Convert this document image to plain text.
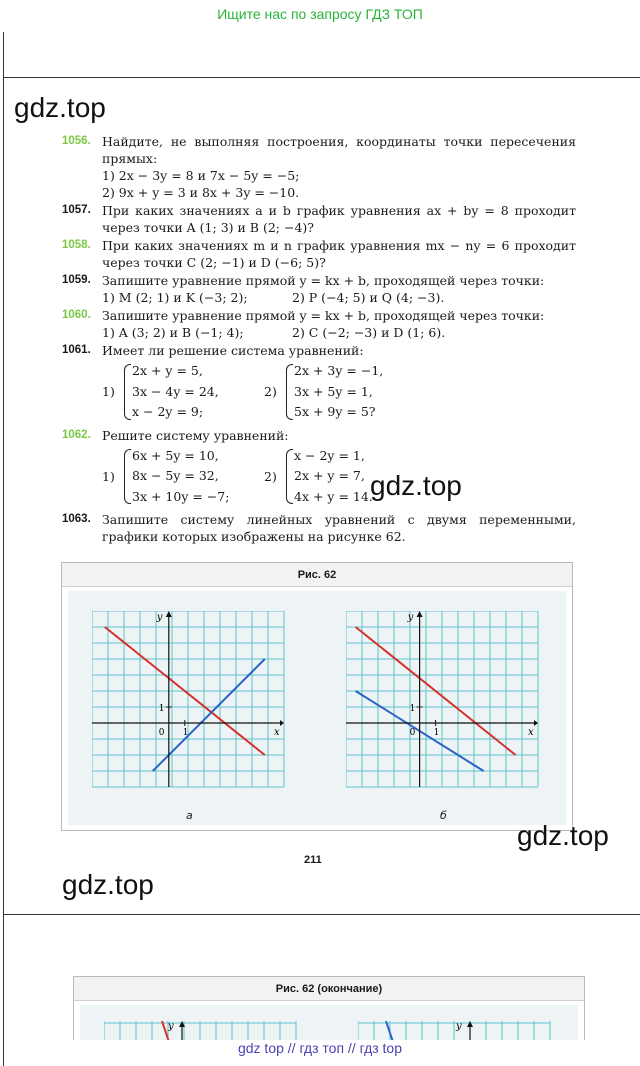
Ищите нас по запросу ГДЗ ТОП
gdz.top
1056. Найдите, не выполняя построения, координаты точки пересечения прямых:
1) 2x − 3y = 8 и 7x − 5y = −5;
2) 9x + y = 3 и 8x + 3y = −10.
1057. При каких значениях a и b график уравнения ax + by = 8 проходит через точки A (1; 3) и B (2; −4)?
1058. При каких значениях m и n график уравнения mx − ny = 6 проходит через точки C (2; −1) и D (−6; 5)?
1059. Запишите уравнение прямой y = kx + b, проходящей через точки:
1) M (2; 1) и K (−3; 2);	2) P (−4; 5) и Q (4; −3).
1060. Запишите уравнение прямой y = kx + b, проходящей через точки:
1) A (3; 2) и B (−1; 4);	2) C (−2; −3) и D (1; 6).
1061. Имеет ли решение система уравнений:
1)
2x + y = 5,
3x − 4y = 24,
x − 2y = 9;
2)
2x + 3y = −1,
3x + 5y = 1,
5x + 9y = 5?
1062. Решите систему уравнений:
1)
6x + 5y = 10,
8x − 5y = 32,
3x + 10y = −7;
2)
x − 2y = 1,
2x + y = 7,
4x + y = 14.
1063. Запишите систему линейных уравнений с двумя переменными, графики которых изображены на рисунке 62.
gdz.top
Рис. 62
x
y
1
1
0	x
y
1
1
0
а	б
gdz.top
211
gdz.top
Рис. 62 (окончание)
y	y
gdz top // гдз топ // гдз top
